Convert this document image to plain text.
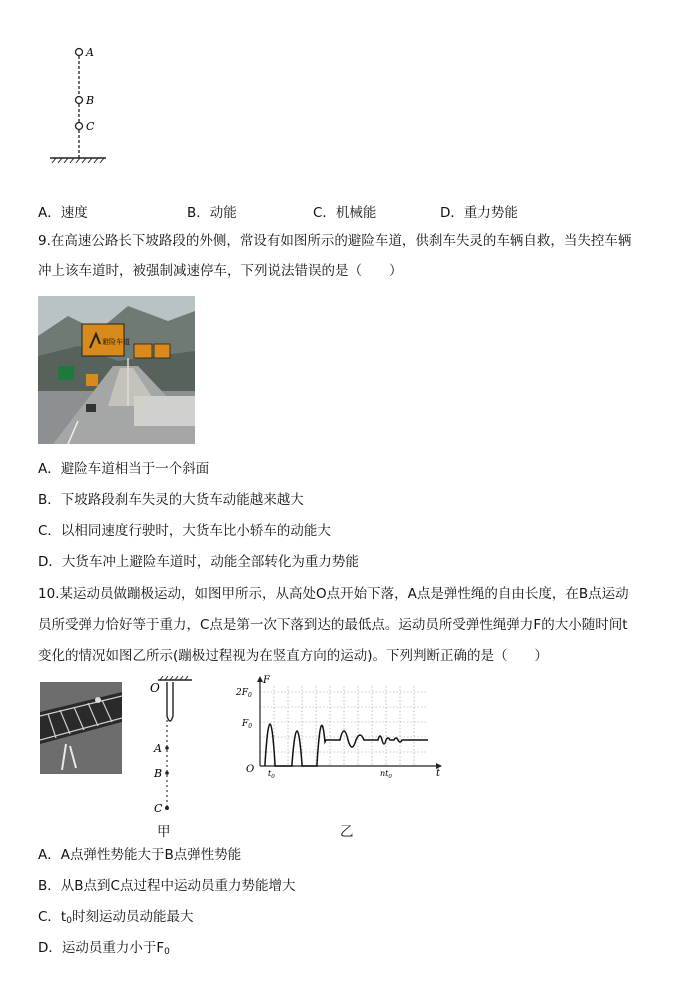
A
B
C
A．速度	B．动能	C．机械能	D．重力势能
9.在高速公路长下坡路段的外侧，常设有如图所示的避险车道，供刹车失灵的车辆自救，当失控车辆
冲上该车道时，被强制减速停车，下列说法错误的是（　　）
避险车道
A．避险车道相当于一个斜面
B．下坡路段刹车失灵的大货车动能越来越大
C．以相同速度行驶时，大货车比小轿车的动能大
D．大货车冲上避险车道时，动能全部转化为重力势能
10.某运动员做蹦极运动，如图甲所示，从高处O点开始下落，A点是弹性绳的自由长度，在B点运动
员所受弹力恰好等于重力，C点是第一次下落到达的最低点。运动员所受弹性绳弹力F的大小随时间t
变化的情况如图乙所示(蹦极过程视为在竖直方向的运动)。下列判断正确的是（　　）
O
A
B
C
甲
$2F_0$
$F_0$
F
O $t_0$	$nt_0$	t
乙
A．A点弹性势能大于B点弹性势能
B．从B点到C点过程中运动员重力势能增大
C．$t_0$时刻运动员动能最大
D．运动员重力小于$F_0$
